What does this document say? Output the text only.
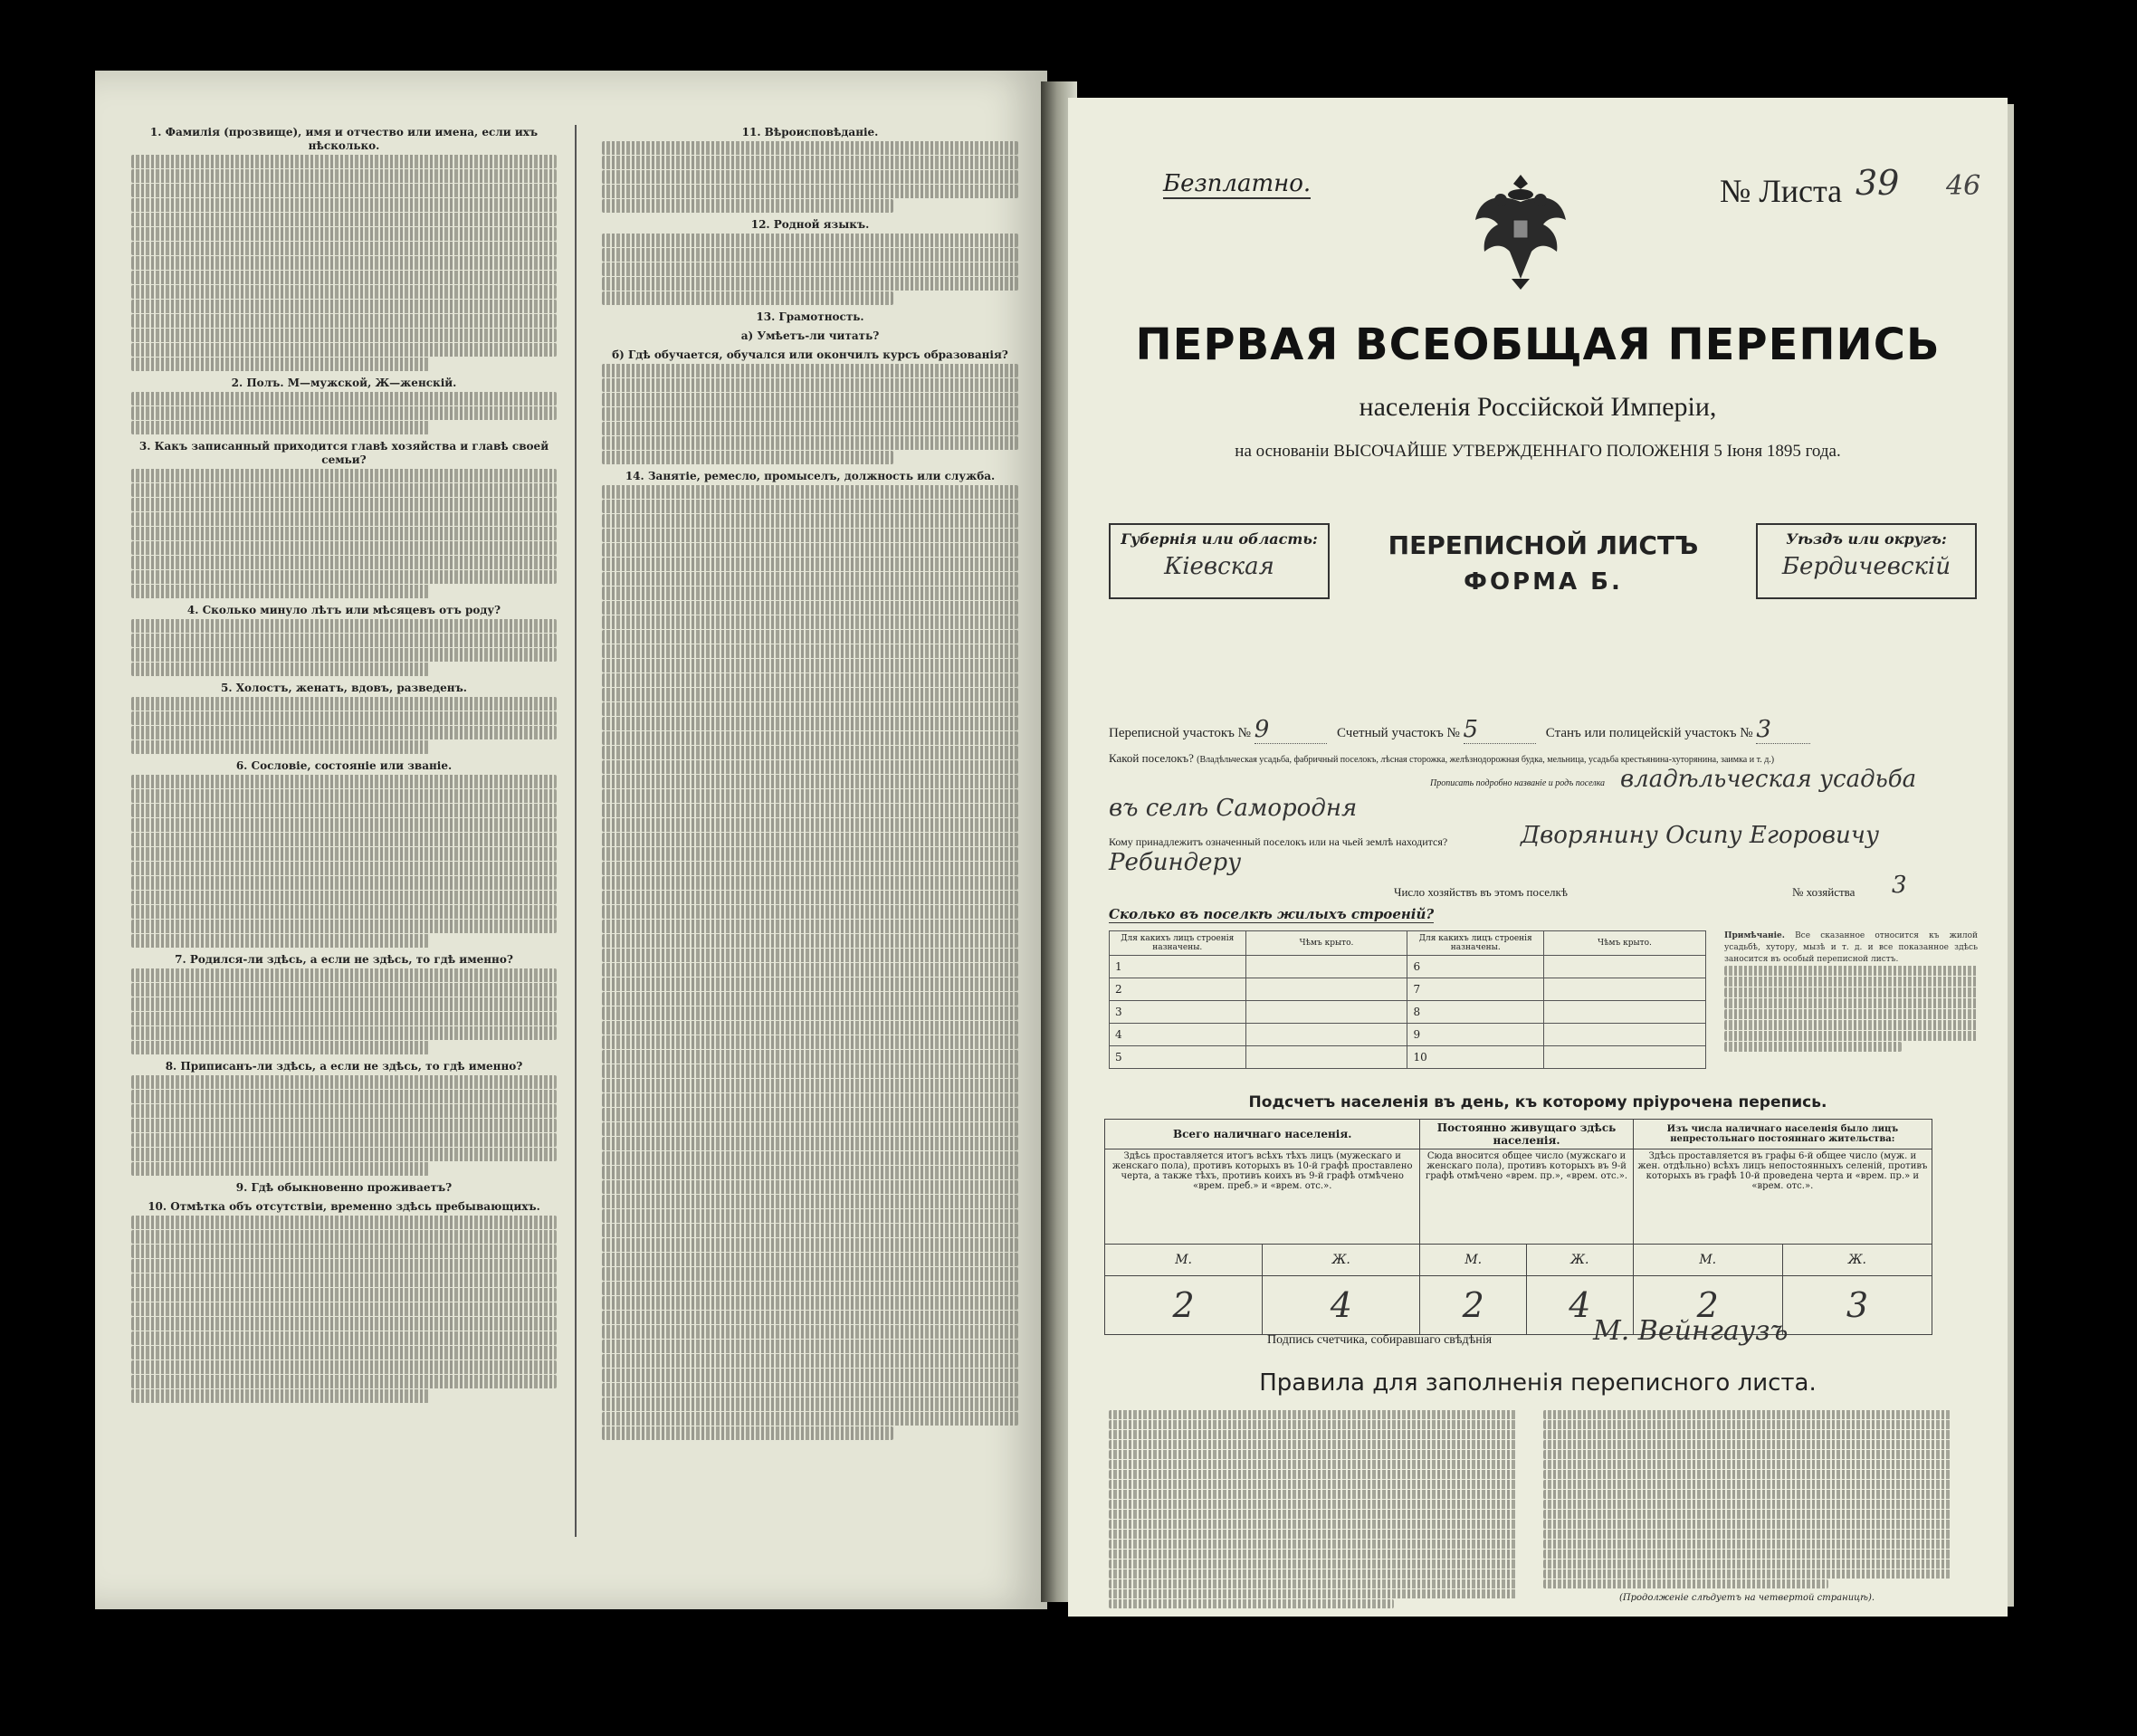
1. Фамилія (прозвище), имя и отчество или имена, если ихъ нѣсколько.
2. Полъ. М—мужской, Ж—женскій.
3. Какъ записанный приходится главѣ хозяйства и главѣ своей семьи?
4. Сколько минуло лѣтъ или мѣсяцевъ отъ роду?
5. Холостъ, женатъ, вдовъ, разведенъ.
6. Сословіе, состояніе или званіе.
7. Родился-ли здѣсь, а если не здѣсь, то гдѣ именно?
8. Приписанъ-ли здѣсь, а если не здѣсь, то гдѣ именно?
9. Гдѣ обыкновенно проживаетъ?
10. Отмѣтка объ отсутствіи, временно здѣсь пребывающихъ.
11. Вѣроисповѣданіе.
12. Родной языкъ.
13. Грамотность.
а) Умѣетъ-ли читать?
б) Гдѣ обучается, обучался или окончилъ курсъ образованія?
14. Занятіе, ремесло, промыселъ, должность или служба.
Безплатно.	№ Листа 39 46
ПЕРВАЯ ВСЕОБЩАЯ ПЕРЕПИСЬ
населенія Россійской Имперіи,
на основаніи ВЫСОЧАЙШЕ УТВЕРЖДЕННАГО ПОЛОЖЕНІЯ 5 Іюня 1895 года.
Губернія или область:
Кіевская
ПЕРЕПИСНОЙ ЛИСТЪ
ФОРМА Б.
Уѣздъ или округъ:
Бердичевскій
Переписной участокъ № 9	Счетный участокъ № 5	Станъ или полицейскій участокъ № 3
Какой поселокъ? (Владѣльческая усадьба, фабричный поселокъ, лѣсная сторожка, желѣзнодорожная будка, мельница, усадьба крестьянина-хуторянина, заимка и т. д.)
Прописать подробно названіе и родъ поселка владѣльческая усадьба
въ селѣ Самородня
Кому принадлежитъ означенный поселокъ или на чьей землѣ находится?	Дворянину Осипу Егоровичу
Ребиндеру
Число хозяйствъ въ этомъ поселкѣ	№ хозяйства 3
Сколько въ поселкѣ жилыхъ строеній?
Для какихъ лицъ строенія назначены.	Чѣмъ крыто.	Для какихъ лицъ строенія назначены.	Чѣмъ крыто.
1		6	
2		7	
3		8	
4		9	
5		10	
Примѣчаніе. Все сказанное относится къ жилой усадьбѣ, хутору, мызѣ и т. д. и все показанное здѣсь заносится въ особый переписной листъ.
Подсчетъ населенія въ день, къ которому пріурочена перепись.
Всего наличнаго населенія.		Постоянно живущаго здѣсь населенія.		Изъ числа наличнаго населенія было лицъ непрестольнаго постояннаго жительства:	
Здѣсь проставляется итогъ всѣхъ тѣхъ лицъ (мужескаго и женскаго пола), противъ которыхъ въ 10-й графѣ проставлено черта, а также тѣхъ, противъ коихъ въ 9-й графѣ отмѣчено «врем. преб.» и «врем. отс.».		Сюда вносится общее число (мужскаго и женскаго пола), противъ которыхъ въ 9-й графѣ отмѣчено «врем. пр.», «врем. отс.».		Здѣсь проставляется въ графы 6-й общее число (муж. и жен. отдѣльно) всѣхъ лицъ непостоянныхъ селеній, противъ которыхъ въ графѣ 10-й проведена черта и «врем. пр.» и «врем. отс.».	
М.	Ж.	М.	Ж.	М.	Ж.
2	4	2	4	2	3
Подпись счетчика, собиравшаго свѣдѣнія	М. Вейнгаузъ
Правила для заполненія переписного листа.
(Продолженіе слѣдуетъ на четвертой страницѣ).
